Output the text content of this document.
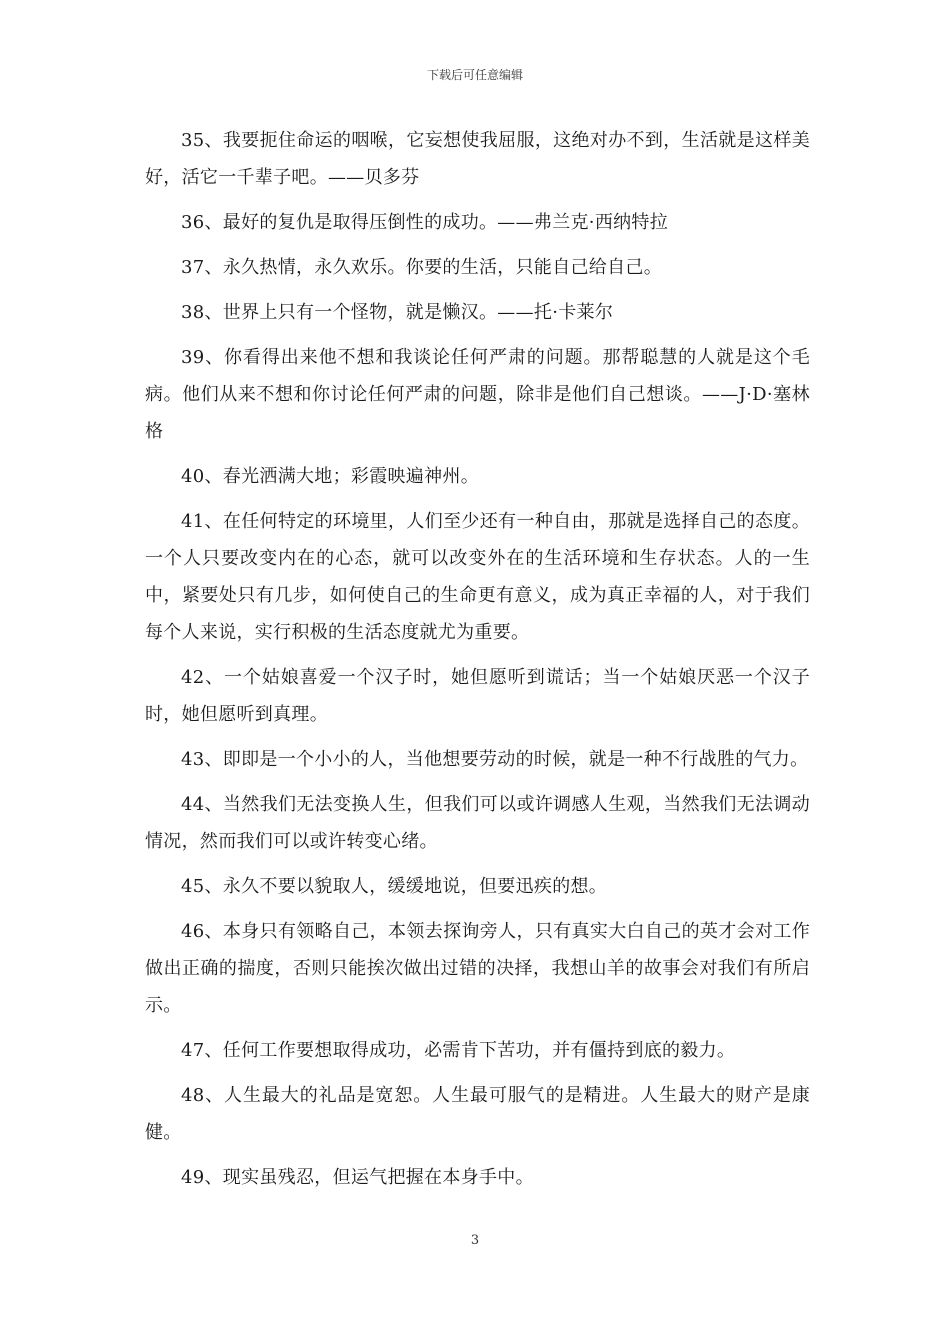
下载后可任意编辑

35、我要扼住命运的咽喉，它妄想使我屈服，这绝对办不到，生活就是这样美好，活它一千辈子吧。——贝多芬

36、最好的复仇是取得压倒性的成功。——弗兰克·西纳特拉

37、永久热情，永久欢乐。你要的生活，只能自己给自己。

38、世界上只有一个怪物，就是懒汉。——托·卡莱尔

39、你看得出来他不想和我谈论任何严肃的问题。那帮聪慧的人就是这个毛病。他们从来不想和你讨论任何严肃的问题，除非是他们自己想谈。——J·D·塞林格

40、春光洒满大地；彩霞映遍神州。

41、在任何特定的环境里，人们至少还有一种自由，那就是选择自己的态度。一个人只要改变内在的心态，就可以改变外在的生活环境和生存状态。人的一生中，紧要处只有几步，如何使自己的生命更有意义，成为真正幸福的人，对于我们每个人来说，实行积极的生活态度就尤为重要。

42、一个姑娘喜爱一个汉子时，她但愿听到谎话；当一个姑娘厌恶一个汉子时，她但愿听到真理。

43、即即是一个小小的人，当他想要劳动的时候，就是一种不行战胜的气力。

44、当然我们无法变换人生，但我们可以或许调感人生观，当然我们无法调动情况，然而我们可以或许转变心绪。

45、永久不要以貌取人，缓缓地说，但要迅疾的想。

46、本身只有领略自己，本领去探询旁人，只有真实大白自己的英才会对工作做出正确的揣度，否则只能挨次做出过错的决择，我想山羊的故事会对我们有所启示。

47、任何工作要想取得成功，必需肯下苦功，并有僵持到底的毅力。

48、人生最大的礼品是宽恕。人生最可服气的是精进。人生最大的财产是康健。

49、现实虽残忍，但运气把握在本身手中。

3
